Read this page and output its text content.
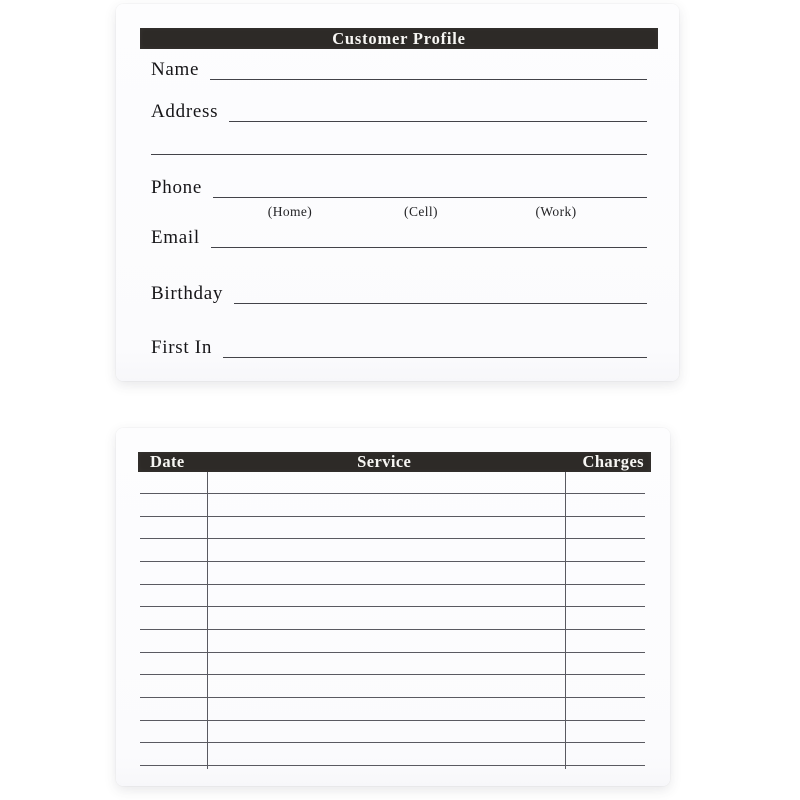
Customer Profile
Name
Address
Phone
Email
Birthday
First In
(Home)	(Cell)	(Work)
Date	Service	Charges
